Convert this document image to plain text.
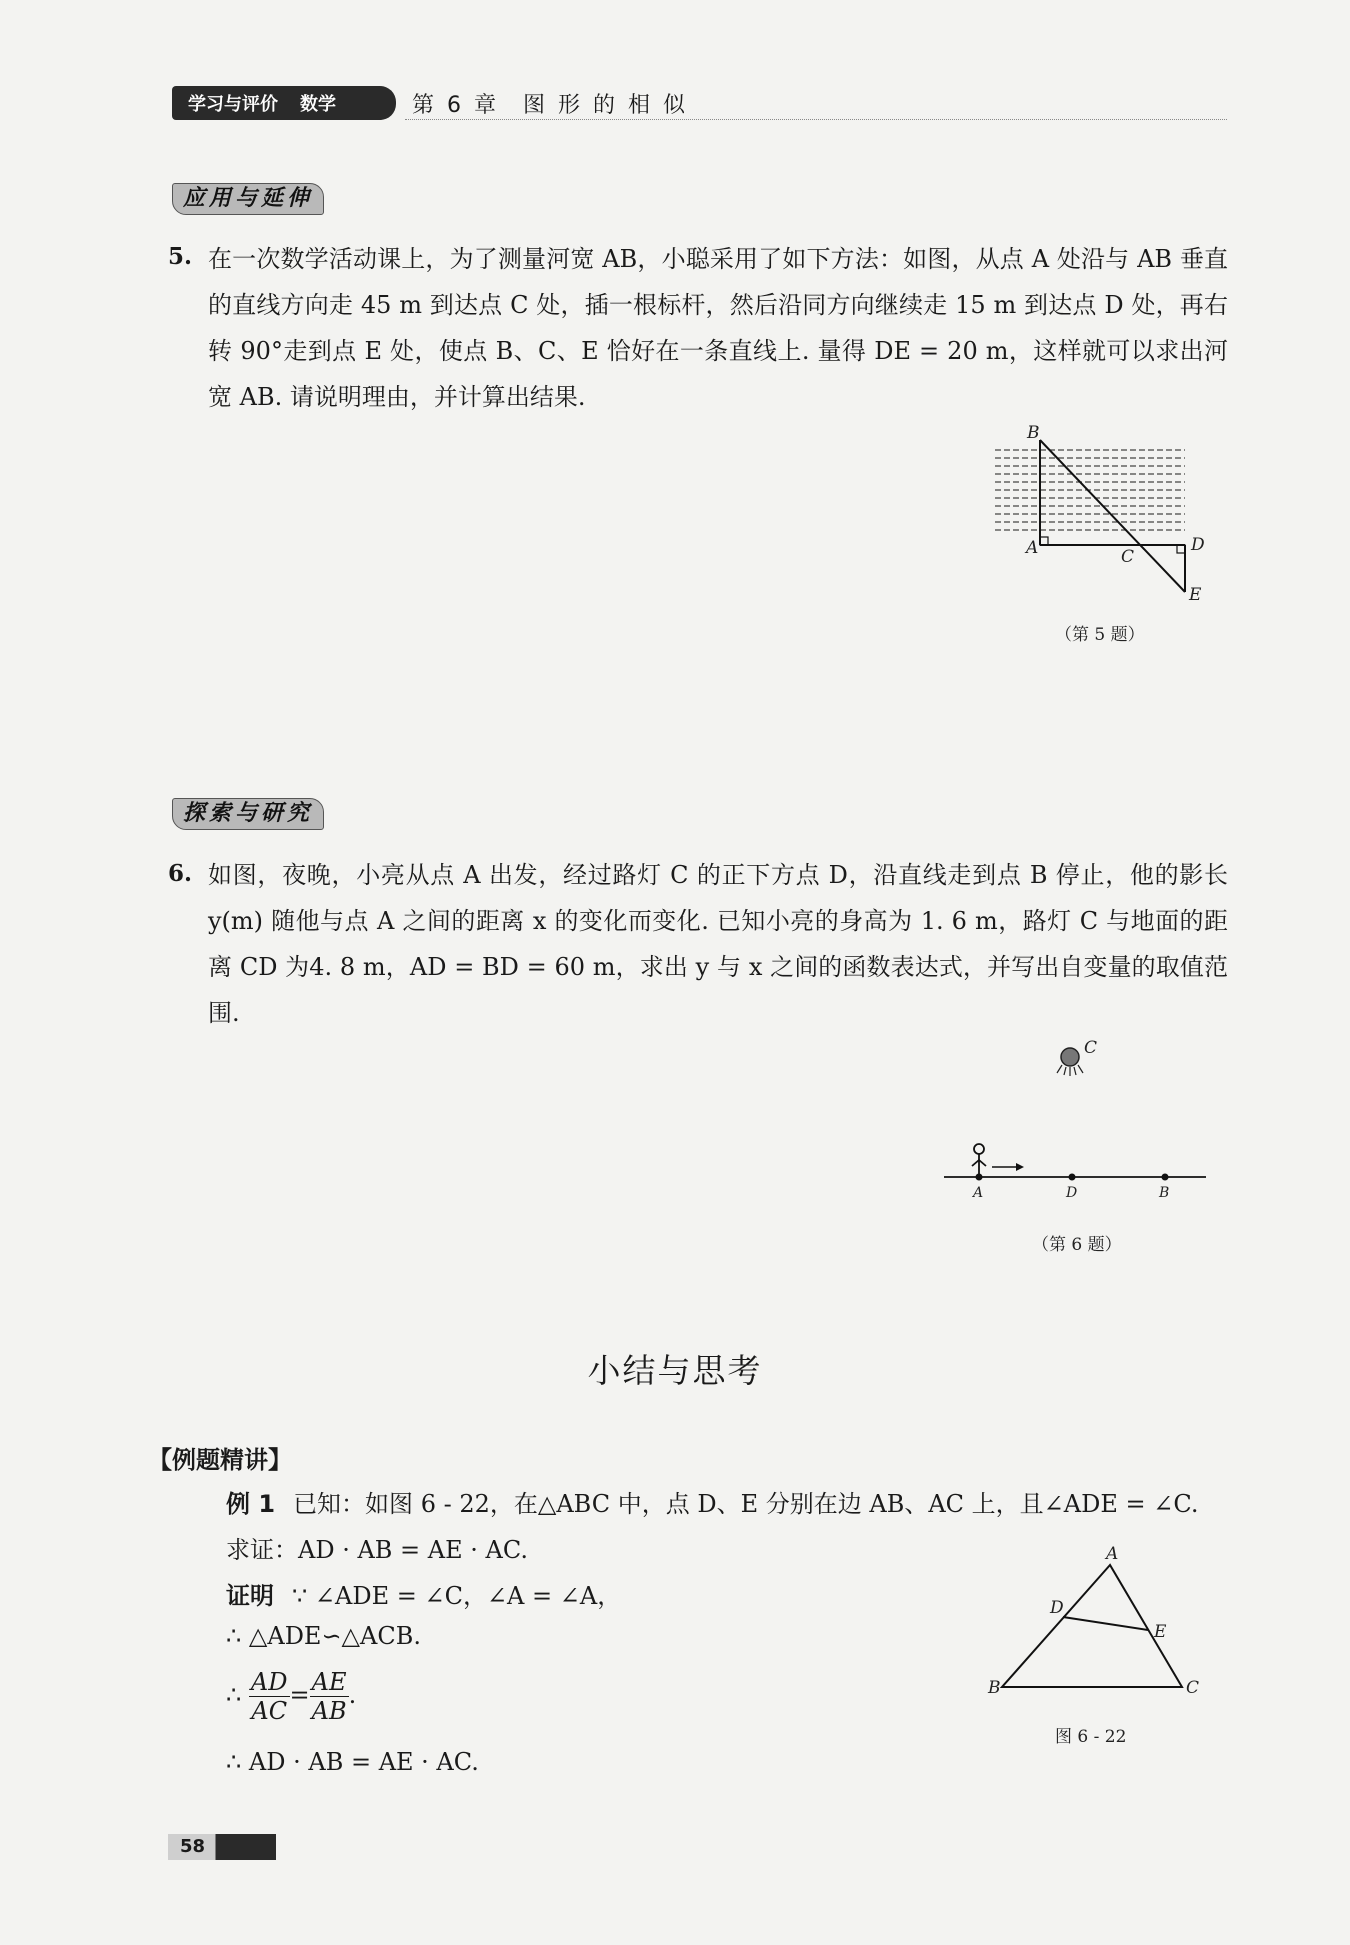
学习与评价 数学	第 6 章 图 形 的 相 似
应用与延伸
5. 在一次数学活动课上，为了测量河宽 AB，小聪采用了如下方法：如图，从点 A 处沿与 AB 垂直的直线方向走 45 m 到达点 C 处，插一根标杆，然后沿同方向继续走 15 m 到达点 D 处，再右转 90°走到点 E 处，使点 B、C、E 恰好在一条直线上. 量得 DE = 20 m，这样就可以求出河宽 AB. 请说明理由，并计算出结果.
B
A	C
D
E
（第 5 题）
探索与研究
6. 如图，夜晚，小亮从点 A 出发，经过路灯 C 的正下方点 D，沿直线走到点 B 停止，他的影长 y(m) 随他与点 A 之间的距离 x 的变化而变化. 已知小亮的身高为 1. 6 m，路灯 C 与地面的距离 CD 为4. 8 m，AD = BD = 60 m，求出 y 与 x 之间的函数表达式，并写出自变量的取值范围.
C
A	D	B
（第 6 题）
小结与思考
【例题精讲】
例 1 已知：如图 6 - 22，在△ABC 中，点 D、E 分别在边 AB、AC 上，且∠ADE = ∠C.
求证：AD · AB = AE · AC.
证明 ∵ ∠ADE = ∠C，∠A = ∠A，
∴ △ADE∽△ACB.
∴ $\frac{AD}{AC} = \frac{AE}{AB}$ .
∴ AD · AB = AE · AC.
A
D
E
B	C
图 6 - 22
58
